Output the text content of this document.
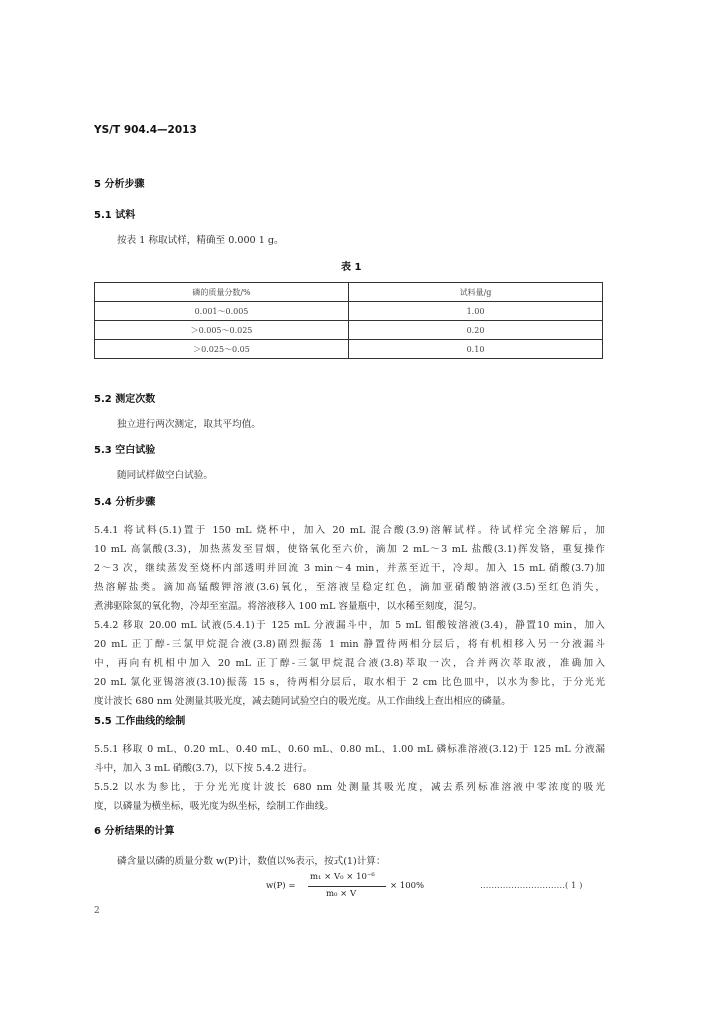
YS/T 904.4—2013
5 分析步骤
5.1 试料
按表 1 称取试样，精确至 0.000 1 g。
表 1
磷的质量分数/%	试料量/g
0.001～0.005	1.00
＞0.005～0.025	0.20
＞0.025～0.05	0.10
5.2 测定次数
独立进行两次测定，取其平均值。
5.3 空白试验
随同试样做空白试验。
5.4 分析步骤
5.4.1 将试料(5.1)置于 150 mL 烧杯中，加入 20 mL 混合酸(3.9)溶解试样。待试样完全溶解后，加
10 mL 高氯酸(3.3)，加热蒸发至冒烟，使铬氧化至六价，滴加 2 mL～3 mL 盐酸(3.1)挥发铬，重复操作
2～3 次，继续蒸发至烧杯内部透明并回流 3 min～4 min，并蒸至近干，冷却。加入 15 mL 硝酸(3.7)加
热溶解盐类。滴加高锰酸钾溶液(3.6)氧化，至溶液呈稳定红色，滴加亚硝酸钠溶液(3.5)至红色消失，
煮沸驱除氮的氧化物，冷却至室温。将溶液移入 100 mL 容量瓶中，以水稀至刻度，混匀。
5.4.2 移取 20.00 mL 试液(5.4.1)于 125 mL 分液漏斗中，加 5 mL 钼酸铵溶液(3.4)，静置10 min，加入
20 mL 正丁醇-三氯甲烷混合液(3.8)剧烈振荡 1 min 静置待两相分层后，将有机相移入另一分液漏斗
中，再向有机相中加入 20 mL 正丁醇-三氯甲烷混合液(3.8)萃取一次，合并两次萃取液，准确加入
20 mL 氯化亚锡溶液(3.10)振荡 15 s，待两相分层后，取水相于 2 cm 比色皿中，以水为参比，于分光光
度计波长 680 nm 处测量其吸光度，减去随同试验空白的吸光度。从工作曲线上查出相应的磷量。
5.5 工作曲线的绘制
5.5.1 移取 0 mL、0.20 mL、0.40 mL、0.60 mL、0.80 mL、1.00 mL 磷标准溶液(3.12)于 125 mL 分液漏
斗中，加入 3 mL 硝酸(3.7)，以下按 5.4.2 进行。
5.5.2 以水为参比，于分光光度计波长 680 nm 处测量其吸光度，减去系列标准溶液中零浓度的吸光
度，以磷量为横坐标，吸光度为纵坐标，绘制工作曲线。
6 分析结果的计算
磷含量以磷的质量分数 w(P)计，数值以%表示，按式(1)计算：
w(P) =
m₁ × V₀ × 10⁻⁶
m₀ × V
× 100%	…………………………( 1 )
2
